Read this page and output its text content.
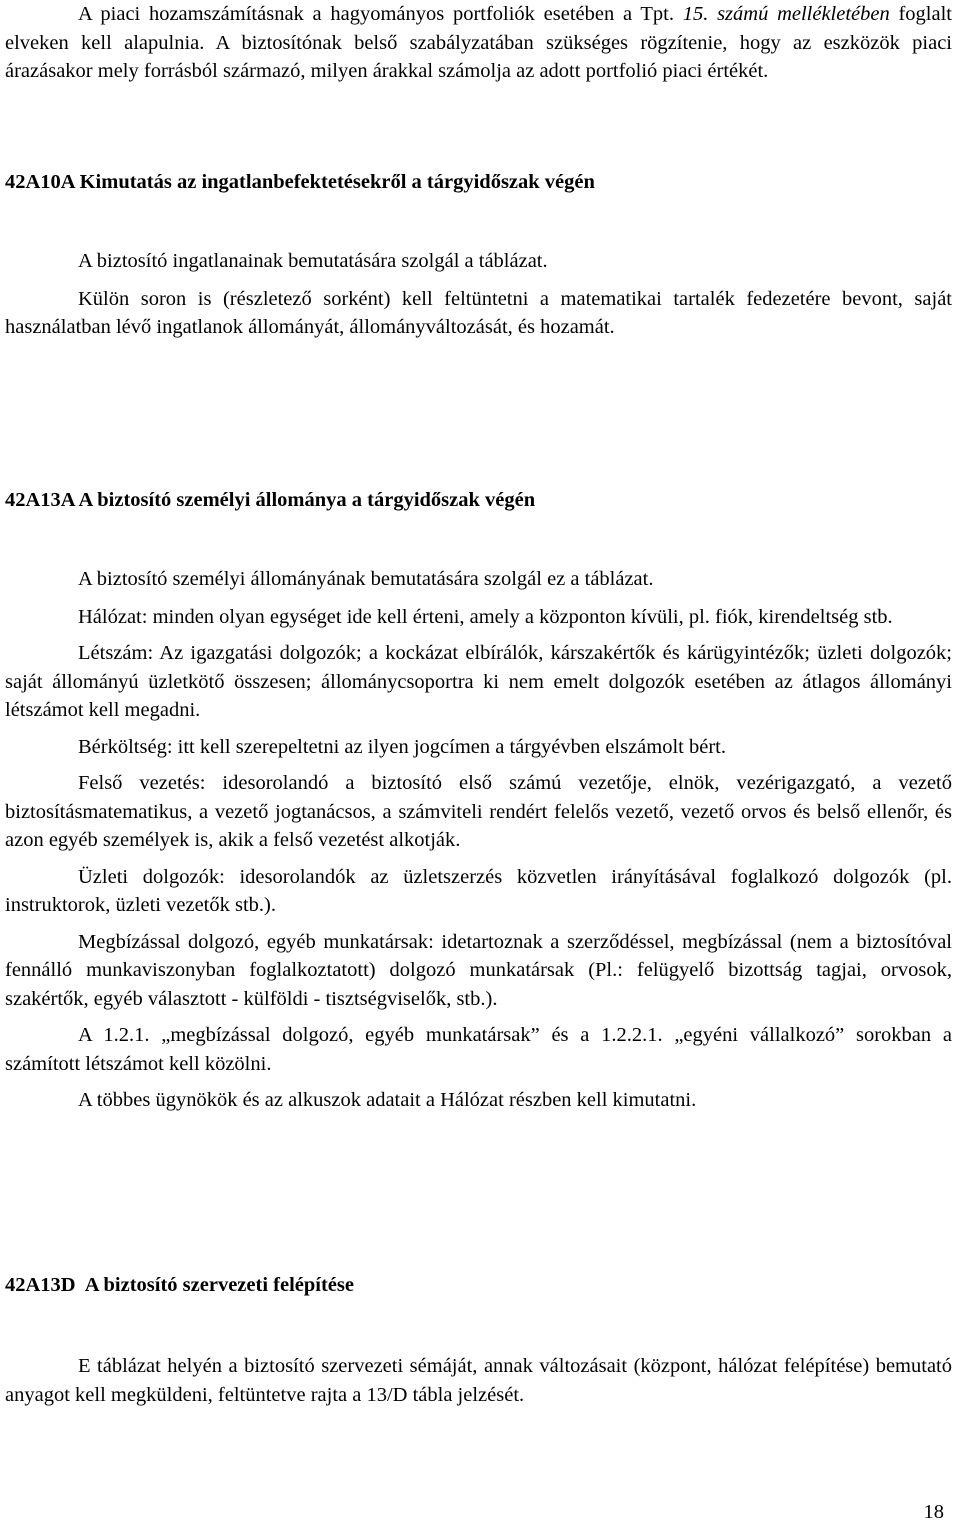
A piaci hozamszámításnak a hagyományos portfoliók esetében a Tpt. 15. számú mellékletében foglalt elveken kell alapulnia. A biztosítónak belső szabályzatában szükséges rögzítenie, hogy az eszközök piaci árazásakor mely forrásból származó, milyen árakkal számolja az adott portfolió piaci értékét.

42A10A Kimutatás az ingatlanbefektetésekről a tárgyidőszak végén

A biztosító ingatlanainak bemutatására szolgál a táblázat.

Külön soron is (részletező sorként) kell feltüntetni a matematikai tartalék fedezetére bevont, saját használatban lévő ingatlanok állományát, állományváltozását, és hozamát.

42A13A A biztosító személyi állománya a tárgyidőszak végén

A biztosító személyi állományának bemutatására szolgál ez a táblázat.

Hálózat: minden olyan egységet ide kell érteni, amely a központon kívüli, pl. fiók, kirendeltség stb.

Létszám: Az igazgatási dolgozók; a kockázat elbírálók, kárszakértők és kárügyintézők; üzleti dolgozók; saját állományú üzletkötő összesen; állománycsoportra ki nem emelt dolgozók esetében az átlagos állományi létszámot kell megadni.

Bérköltség: itt kell szerepeltetni az ilyen jogcímen a tárgyévben elszámolt bért.

Felső vezetés: idesorolandó a biztosító első számú vezetője, elnök, vezérigazgató, a vezető biztosításmatematikus, a vezető jogtanácsos, a számviteli rendért felelős vezető, vezető orvos és belső ellenőr, és azon egyéb személyek is, akik a felső vezetést alkotják.

Üzleti dolgozók: idesorolandók az üzletszerzés közvetlen irányításával foglalkozó dolgozók (pl. instruktorok, üzleti vezetők stb.).

Megbízással dolgozó, egyéb munkatársak: idetartoznak a szerződéssel, megbízással (nem a biztosítóval fennálló munkaviszonyban foglalkoztatott) dolgozó munkatársak (Pl.: felügyelő bizottság tagjai, orvosok, szakértők, egyéb választott - külföldi - tisztségviselők, stb.).

A 1.2.1. „megbízással dolgozó, egyéb munkatársak” és a 1.2.2.1. „egyéni vállalkozó” sorokban a számított létszámot kell közölni.

A többes ügynökök és az alkuszok adatait a Hálózat részben kell kimutatni.

42A13D  A biztosító szervezeti felépítése

E táblázat helyén a biztosító szervezeti sémáját, annak változásait (központ, hálózat felépítése) bemutató anyagot kell megküldeni, feltüntetve rajta a 13/D tábla jelzését.

18
